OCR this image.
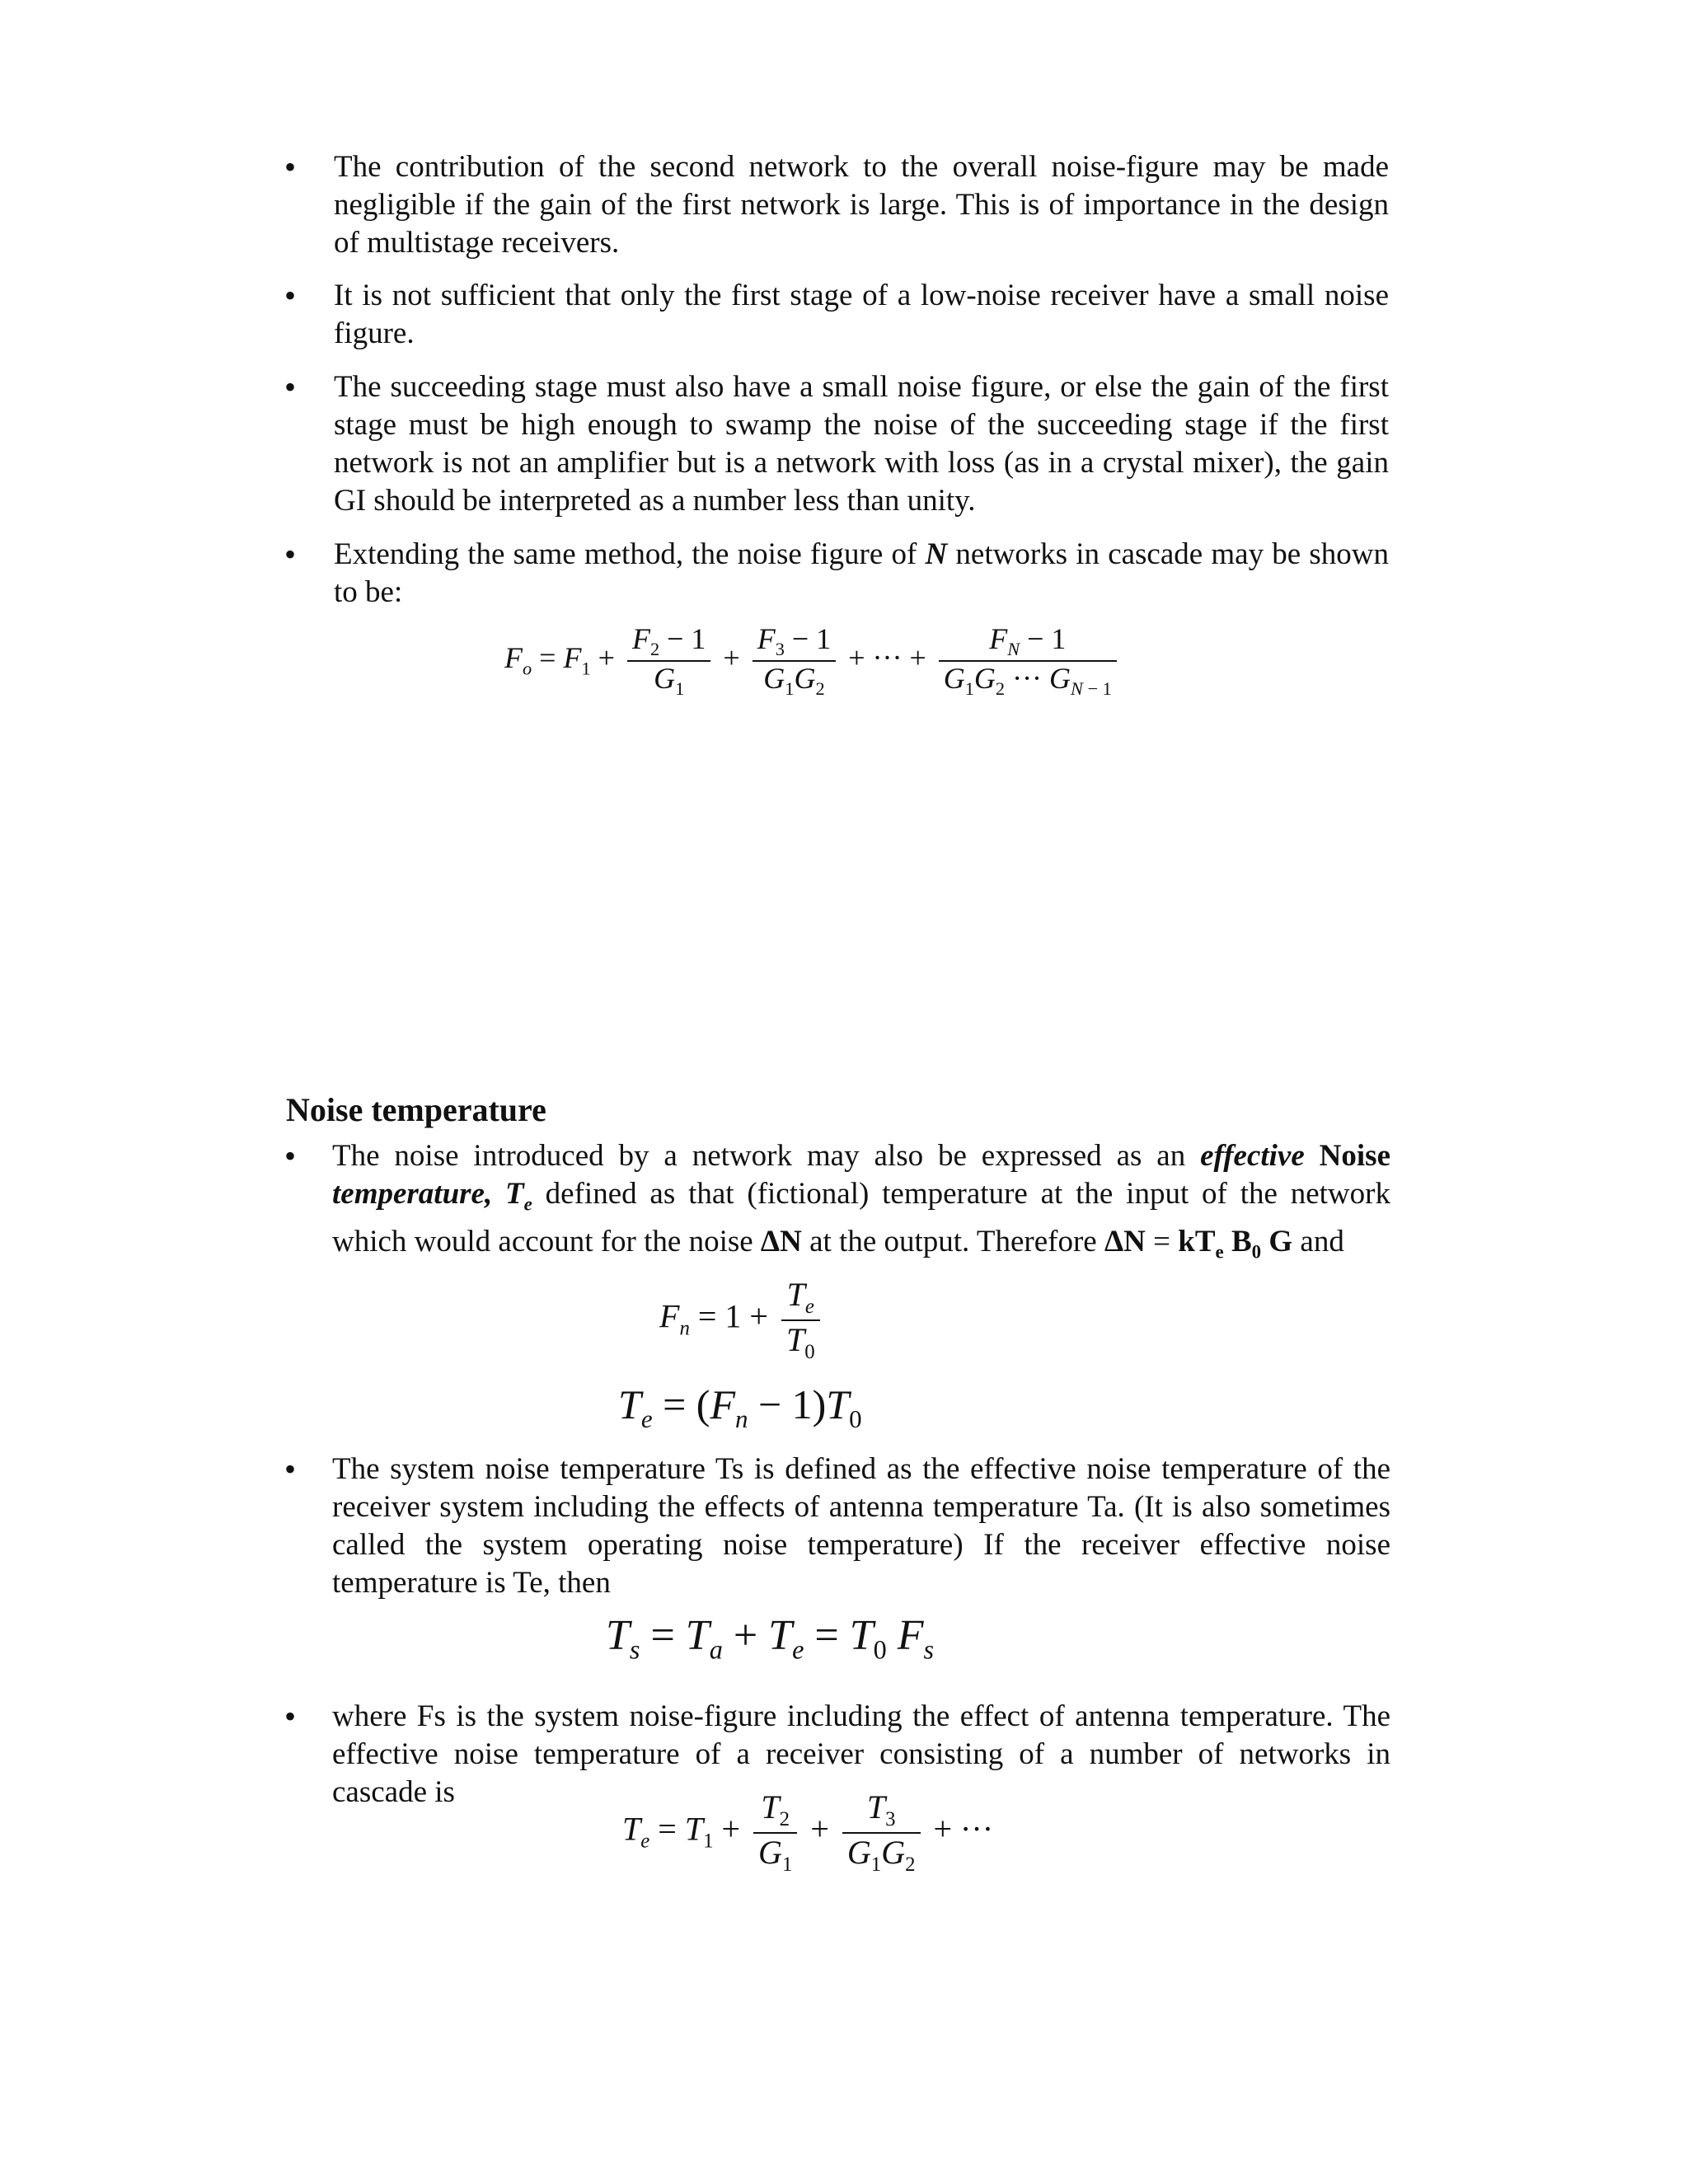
• The contribution of the second network to the overall noise-figure may be made negligible if the gain of the first network is large. This is of importance in the design of multistage receivers.
• It is not sufficient that only the first stage of a low-noise receiver have a small noise figure.
• The succeeding stage must also have a small noise figure, or else the gain of the first stage must be high enough to swamp the noise of the succeeding stage if the first network is not an amplifier but is a network with loss (as in a crystal mixer), the gain GI should be interpreted as a number less than unity.
• Extending the same method, the noise figure of N networks in cascade may be shown to be:
$F_o = F_1 + \frac{F_2 - 1}{G_1} + \frac{F_3 - 1}{G_1G_2}$ + ··· + $\frac{F_N - 1}{G_1G_2 \cdot\cdot\cdot G_{N - 1}}$
Noise temperature
• The noise introduced by a network may also be expressed as an effective Noise temperature, $T_e$ defined as that (fictional) temperature at the input of the network which would account for the noise ΔN at the output. Therefore $\Delta N = kT_e$ $B_0$ G and
$F_n = 1 + \frac{T_e}{T_0}$
$T_e = (F_n - 1)T_0$
• The system noise temperature Ts is defined as the effective noise temperature of the receiver system including the effects of antenna temperature Ta. (It is also sometimes called the system operating noise temperature) If the receiver effective noise temperature is Te, then
$T_s = T_a + T_e = T_0$ $F_s$
• where Fs is the system noise-figure including the effect of antenna temperature. The effective noise temperature of a receiver consisting of a number of networks in cascade is
$T_e = T_1 + \frac{T_2}{G_1} + \frac{T_3}{G_1G_2}$ + ···
